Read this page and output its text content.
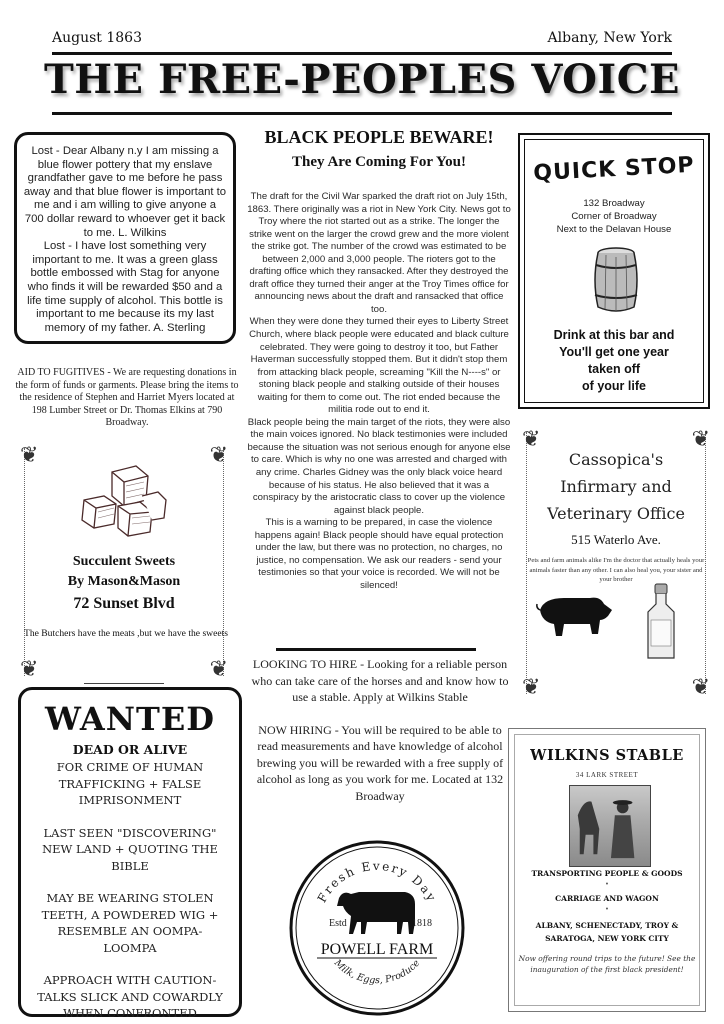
August 1863	Albany, New York
THE FREE-PEOPLES VOICE

Lost - Dear Albany n.y I am missing a blue flower pottery that my enslave grandfather gave to me before he pass away and that blue flower is important to me and i am willing to give anyone a 700 dollar reward to whoever get it back to me. L. Wilkins

Lost - I have lost something very important to me. It was a green glass bottle embossed with Stag for anyone who finds it will be rewarded $50 and a life time supply of alcohol. This bottle is important to me because its my last memory of my father. A. Sterling

AID TO FUGITIVES - We are requesting donations in the form of funds or garments. Please bring the items to the residence of Stephen and Harriet Myers located at 198 Lumber Street or Dr. Thomas Elkins at 790 Broadway.
❦	❦
❦	❦
Succulent Sweets
By Mason&Mason
72 Sunset Blvd
The Butchers have the meats ,but we have the sweets
WANTED
DEAD OR ALIVE
FOR CRIME OF HUMAN TRAFFICKING + FALSE IMPRISONMENT
LAST SEEN "DISCOVERING" NEW LAND + QUOTING THE BIBLE
MAY BE WEARING STOLEN TEETH, A POWDERED WIG + RESEMBLE AN OOMPA-LOOMPA
APPROACH WITH CAUTION- TALKS SLICK AND COWARDLY WHEN CONFRONTED
BLACK PEOPLE BEWARE!
They Are Coming For You!

The draft for the Civil War sparked the draft riot on July 15th, 1863. There originally was a riot in New York City. News got to Troy where the riot started out as a strike. The longer the strike went on the larger the crowd grew and the more violent the strike got. The number of the crowd was estimated to be between 2,000 and 3,000 people. The rioters got to the drafting office which they ransacked. After they destroyed the draft office they turned their anger at the Troy Times office for announcing news about the draft and ransacked that office too.

When they were done they turned their eyes to Liberty Street Church, where black people were educated and black culture celebrated. They were going to destroy it too, but Father Haverman successfully stopped them. But it didn't stop them from attacking black people, screaming "Kill the N----s" or stoning black people and stalking outside of their houses waiting for them to come out. The riot ended because the militia rode out to end it.

Black people being the main target of the riots, they were also the main voices ignored. No black testimonies were included because the situation was not serious enough for anyone else to care. Which is why no one was arrested and charged with any crime. Charles Gidney was the only black voice heard because of his status. He also believed that it was a conspiracy by the aristocratic class to cover up the violence against black people.

This is a warning to be prepared, in case the violence happens again! Black people should have equal protection under the law, but there was no protection, no charges, no justice, no compensation. We ask our readers - send your testimonies so that your voice is recorded. We will not be silenced!

LOOKING TO HIRE - Looking for a reliable person who can take care of the horses and and know how to use a stable. Apply at Wilkins Stable

NOW HIRING - You will be required to be able to read measurements and have knowledge of alcohol brewing you will be rewarded with a free supply of alcohol as long as you work for me. Located at 132 Broadway

Fresh Every Day
Estd	1818
POWELL FARM
Milk, Eggs, Produce
QUICK STOP
132 Broadway
Corner of Broadway
Next to the Delavan House
Drink at this bar and
You'll get one year
taken off
of your life
❦	❦
❦	❦
Cassopica's
Infirmary and
Veterinary Office
515 Waterlo Ave.
Pets and farm animals alike I'm the doctor that actually heals your animals faster than any other. I can also heal you, your sister and your brother
WILKINS STABLE
34 LARK STREET
TRANSPORTING PEOPLE & GOODS
•
CARRIAGE AND WAGON
•
ALBANY, SCHENECTADY, TROY & SARATOGA, NEW YORK CITY
Now offering round trips to the future! See the inauguration of the first black president!
